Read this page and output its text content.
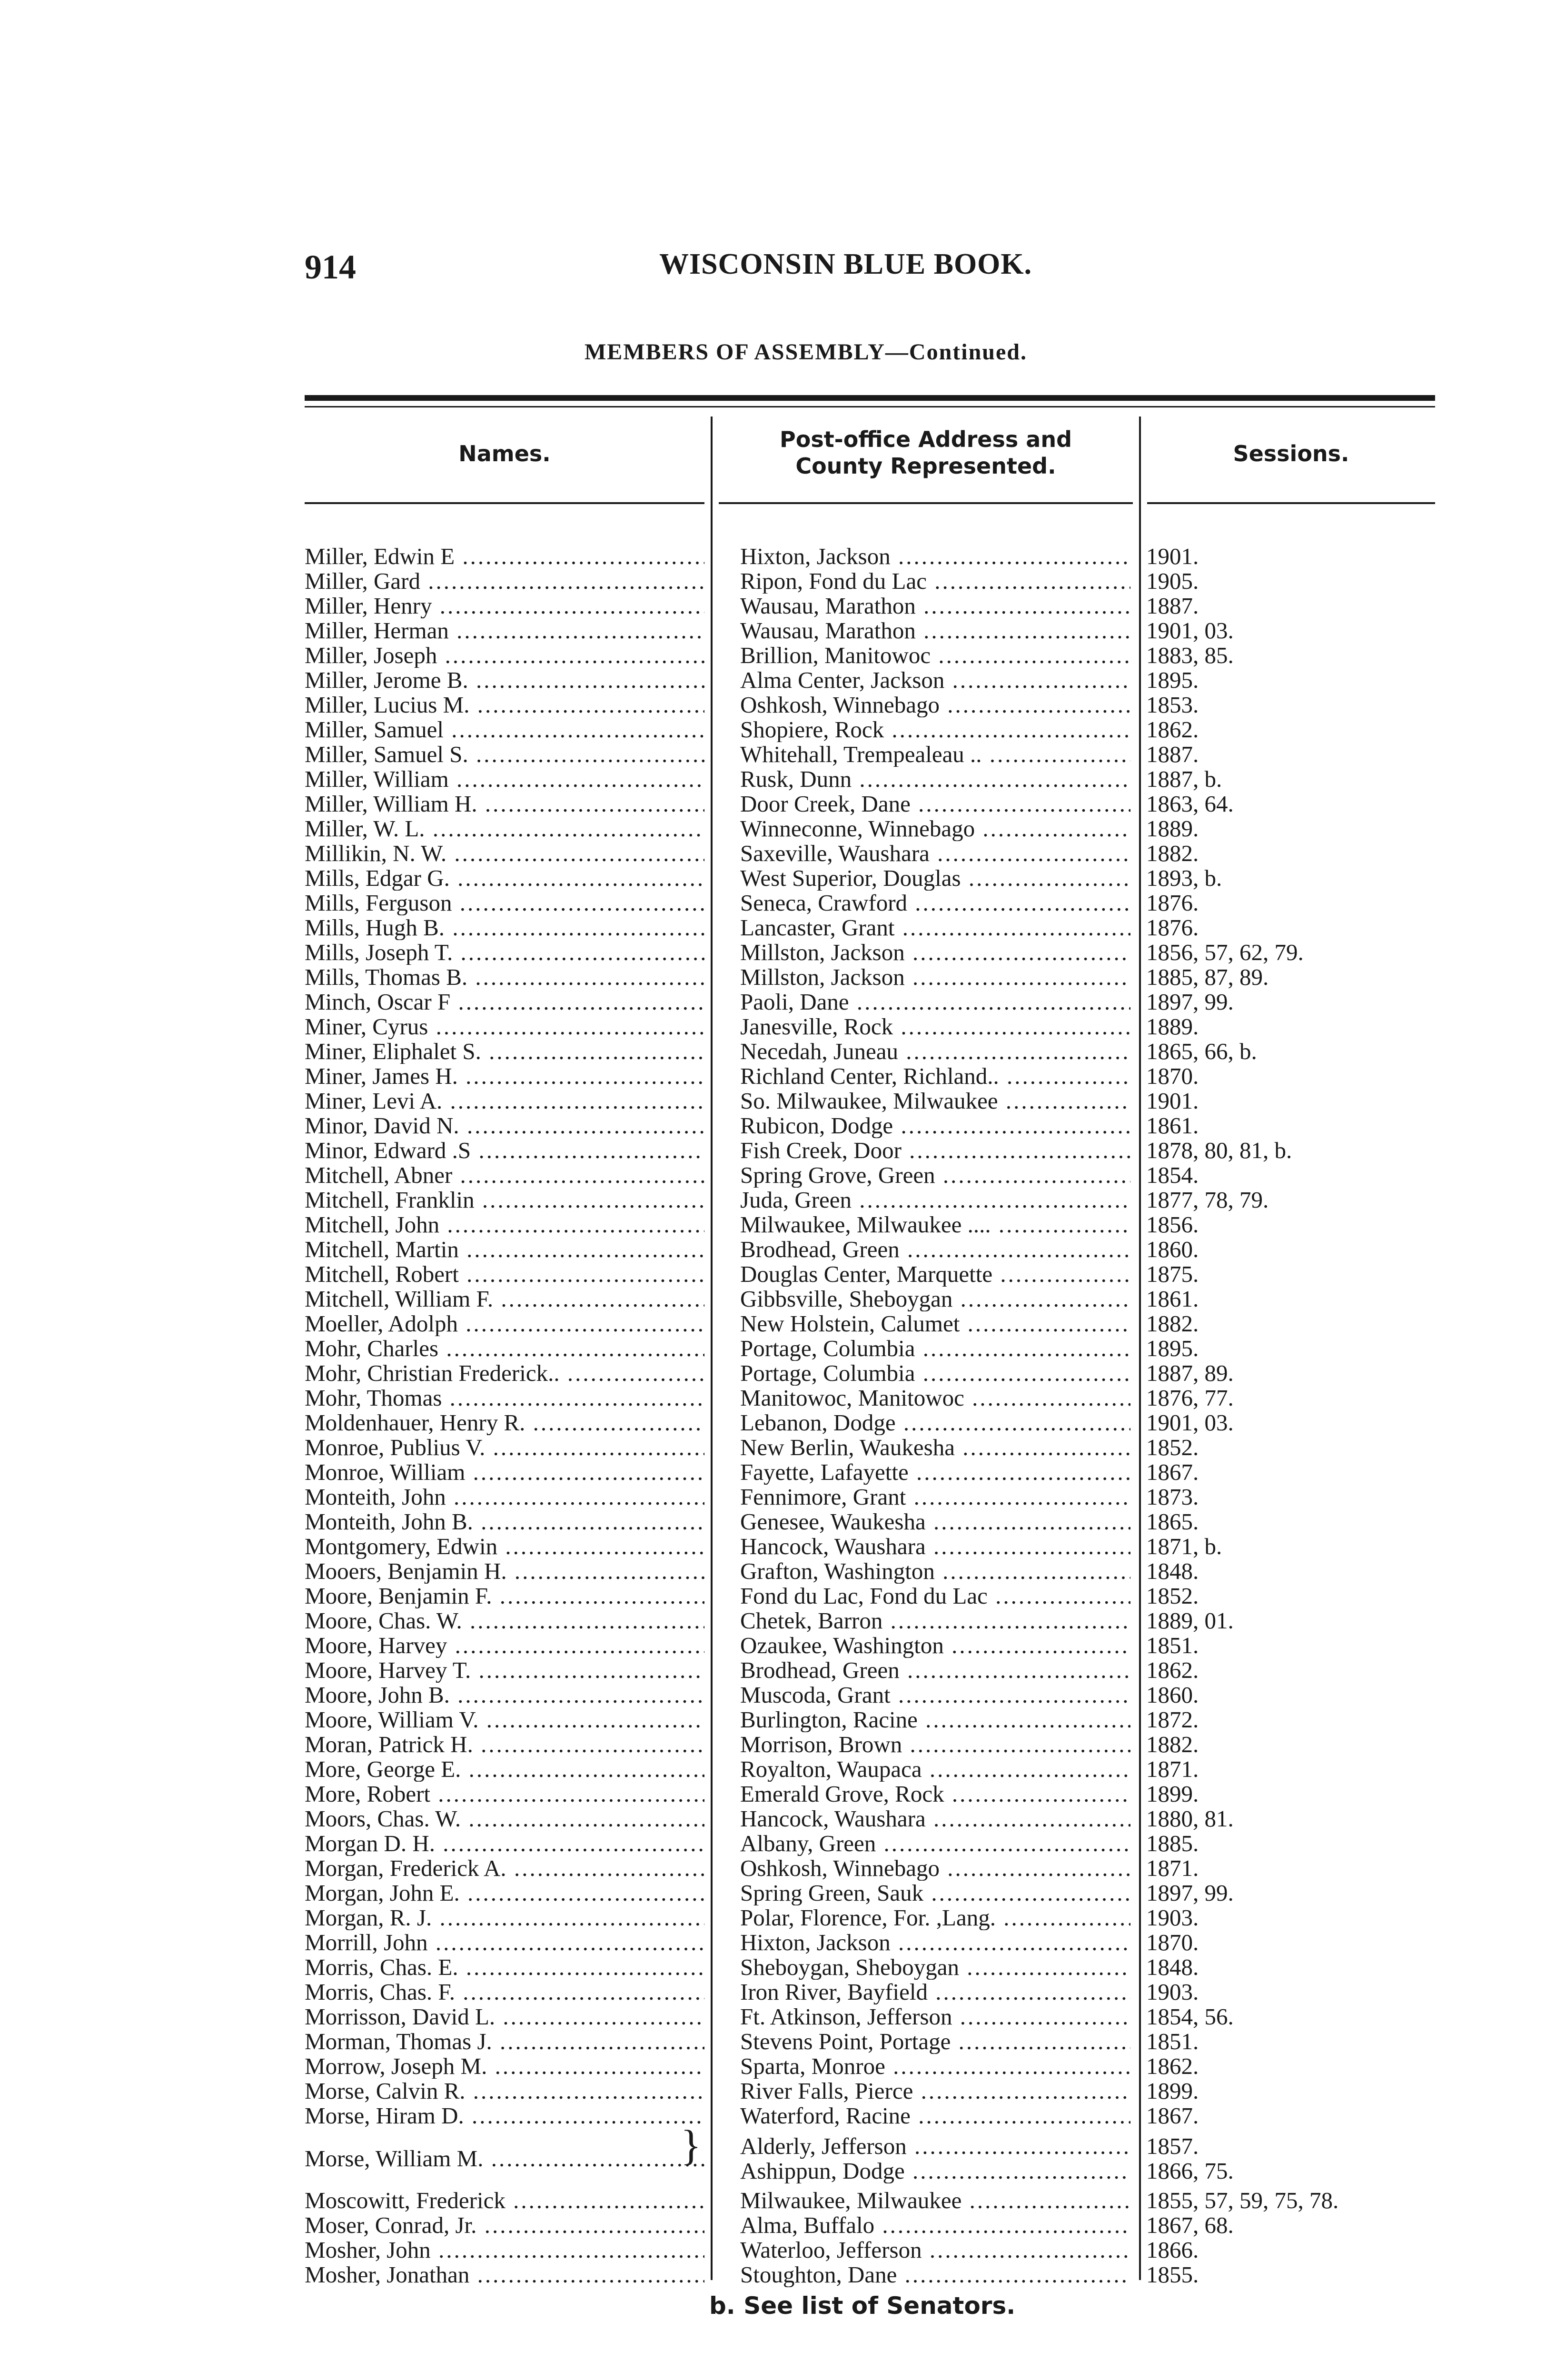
914	WISCONSIN BLUE BOOK.
MEMBERS OF ASSEMBLY—Continued.
Names.
Post-office Address and
County Represented.	Sessions.
Miller, Edwin E .....	Hixton, Jackson .....	1901.
Miller, Gard .....	Ripon, Fond du Lac .....	1905.
Miller, Henry .....	Wausau, Marathon .....	1887.
Miller, Herman .....	Wausau, Marathon .....	1901, 03.
Miller, Joseph .....	Brillion, Manitowoc .....	1883, 85.
Miller, Jerome B. .....	Alma Center, Jackson .....	1895.
Miller, Lucius M. .....	Oshkosh, Winnebago .....	1853.
Miller, Samuel .....	Shopiere, Rock .....	1862.
Miller, Samuel S. .....	Whitehall, Trempealeau .. .....	1887.
Miller, William .....	Rusk, Dunn .....	1887, b.
Miller, William H. .....	Door Creek, Dane .....	1863, 64.
Miller, W. L. .....	Winneconne, Winnebago .....	1889.
Millikin, N. W. .....	Saxeville, Waushara .....	1882.
Mills, Edgar G. .....	West Superior, Douglas .....	1893, b.
Mills, Ferguson .....	Seneca, Crawford .....	1876.
Mills, Hugh B. .....	Lancaster, Grant .....	1876.
Mills, Joseph T. .....	Millston, Jackson .....	1856, 57, 62, 79.
Mills, Thomas B. .....	Millston, Jackson .....	1885, 87, 89.
Minch, Oscar F .....	Paoli, Dane .....	1897, 99.
Miner, Cyrus .....	Janesville, Rock .....	1889.
Miner, Eliphalet S. .....	Necedah, Juneau .....	1865, 66, b.
Miner, James H. .....	Richland Center, Richland.. .....	1870.
Miner, Levi A. .....	So. Milwaukee, Milwaukee .....	1901.
Minor, David N. .....	Rubicon, Dodge .....	1861.
Minor, Edward .S .....	Fish Creek, Door .....	1878, 80, 81, b.
Mitchell, Abner .....	Spring Grove, Green .....	1854.
Mitchell, Franklin .....	Juda, Green .....	1877, 78, 79.
Mitchell, John .....	Milwaukee, Milwaukee .... .....	1856.
Mitchell, Martin .....	Brodhead, Green .....	1860.
Mitchell, Robert .....	Douglas Center, Marquette .....	1875.
Mitchell, William F. .....	Gibbsville, Sheboygan .....	1861.
Moeller, Adolph .....	New Holstein, Calumet .....	1882.
Mohr, Charles .....	Portage, Columbia .....	1895.
Mohr, Christian Frederick.. .....	Portage, Columbia .....	1887, 89.
Mohr, Thomas .....	Manitowoc, Manitowoc .....	1876, 77.
Moldenhauer, Henry R. .....	Lebanon, Dodge .....	1901, 03.
Monroe, Publius V. .....	New Berlin, Waukesha .....	1852.
Monroe, William .....	Fayette, Lafayette .....	1867.
Monteith, John .....	Fennimore, Grant .....	1873.
Monteith, John B. .....	Genesee, Waukesha .....	1865.
Montgomery, Edwin .....	Hancock, Waushara .....	1871, b.
Mooers, Benjamin H. .....	Grafton, Washington .....	1848.
Moore, Benjamin F. .....	Fond du Lac, Fond du Lac .....	1852.
Moore, Chas. W. .....	Chetek, Barron .....	1889, 01.
Moore, Harvey .....	Ozaukee, Washington .....	1851.
Moore, Harvey T. .....	Brodhead, Green .....	1862.
Moore, John B. .....	Muscoda, Grant .....	1860.
Moore, William V. .....	Burlington, Racine .....	1872.
Moran, Patrick H. .....	Morrison, Brown .....	1882.
More, George E. .....	Royalton, Waupaca .....	1871.
More, Robert .....	Emerald Grove, Rock .....	1899.
Moors, Chas. W. .....	Hancock, Waushara .....	1880, 81.
Morgan D. H. .....	Albany, Green .....	1885.
Morgan, Frederick A. .....	Oshkosh, Winnebago .....	1871.
Morgan, John E. .....	Spring Green, Sauk .....	1897, 99.
Morgan, R. J. .....	Polar, Florence, For. ,Lang. .....	1903.
Morrill, John .....	Hixton, Jackson .....	1870.
Morris, Chas. E. .....	Sheboygan, Sheboygan .....	1848.
Morris, Chas. F. .....	Iron River, Bayfield .....	1903.
Morrisson, David L. .....	Ft. Atkinson, Jefferson .....	1854, 56.
Morman, Thomas J. .....	Stevens Point, Portage .....	1851.
Morrow, Joseph M. .....	Sparta, Monroe .....	1862.
Morse, Calvin R. .....	River Falls, Pierce .....	1899.
Morse, Hiram D. .....	Waterford, Racine .....	1867.
Morse, William M. .....	Alderly, Jefferson .....	1857.
Ashippun, Dodge .....	1866, 75.
Moscowitt, Frederick .....	Milwaukee, Milwaukee .....	1855, 57, 59, 75, 78.
Moser, Conrad, Jr. .....	Alma, Buffalo .....	1867, 68.
Mosher, John .....	Waterloo, Jefferson .....	1866.
Mosher, Jonathan .....	Stoughton, Dane .....	1855.
}
b. See list of Senators.
